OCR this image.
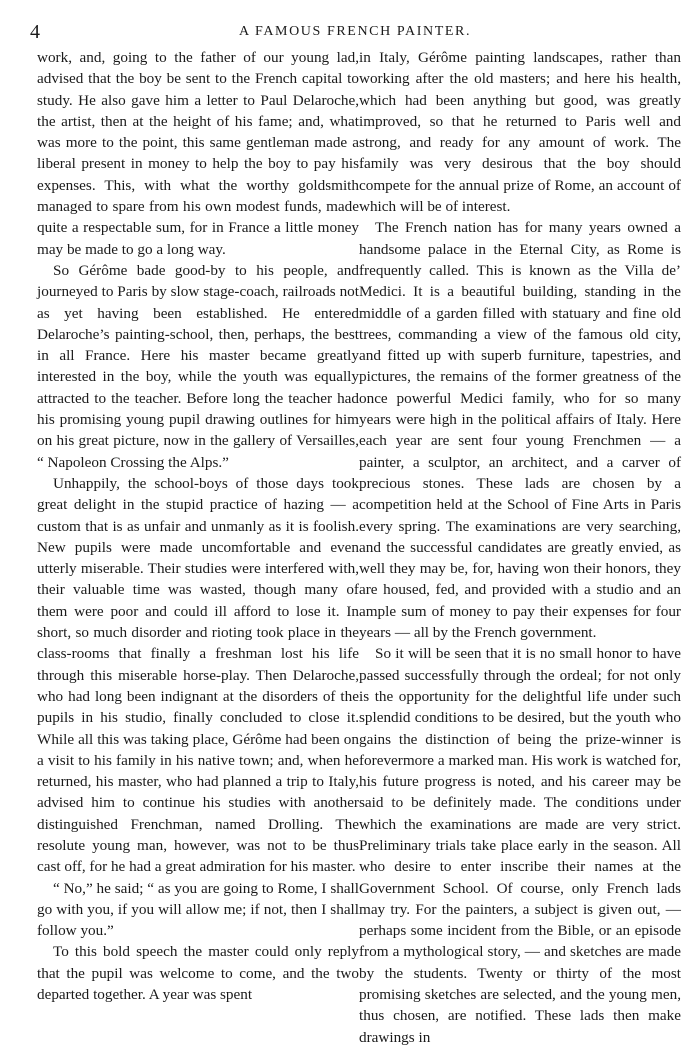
4	A FAMOUS FRENCH PAINTER.

work, and, going to the father of our young lad, advised that the boy be sent to the French capital to study. He also gave him a letter to Paul Delaroche, the artist, then at the height of his fame; and, what was more to the point, this same gentleman made a liberal present in money to help the boy to pay his expenses. This, with what the worthy goldsmith managed to spare from his own modest funds, made quite a respectable sum, for in France a little money may be made to go a long way.

So Gérôme bade good-by to his people, and journeyed to Paris by slow stage-coach, railroads not as yet having been established. He entered Delaroche’s painting-school, then, perhaps, the best in all France. Here his master became greatly interested in the boy, while the youth was equally attracted to the teacher. Before long the teacher had his promising young pupil drawing outlines for him on his great picture, now in the gallery of Versailles, “ Napoleon Crossing the Alps.”

Unhappily, the school-boys of those days took great delight in the stupid practice of hazing — a custom that is as unfair and unmanly as it is foolish. New pupils were made uncomfortable and even utterly miserable. Their studies were interfered with, their valuable time was wasted, though many of them were poor and could ill afford to lose it. In short, so much disorder and rioting took place in the class-rooms that finally a freshman lost his life through this miserable horse-play. Then Delaroche, who had long been indignant at the disorders of the pupils in his studio, finally concluded to close it. While all this was taking place, Gérôme had been on a visit to his family in his native town; and, when he returned, his master, who had planned a trip to Italy, advised him to continue his studies with another distinguished Frenchman, named Drolling. The resolute young man, however, was not to be thus cast off, for he had a great admiration for his master.

“ No,” he said; “ as you are going to Rome, I shall go with you, if you will allow me; if not, then I shall follow you.”

To this bold speech the master could only reply that the pupil was welcome to come, and the two departed together. A year was spent

in Italy, Gérôme painting landscapes, rather than working after the old masters; and here his health, which had been anything but good, was greatly improved, so that he returned to Paris well and strong, and ready for any amount of work. The family was very desirous that the boy should compete for the annual prize of Rome, an account of which will be of interest.

The French nation has for many years owned a handsome palace in the Eternal City, as Rome is frequently called. This is known as the Villa de’ Medici. It is a beautiful building, standing in the middle of a garden filled with statuary and fine old trees, commanding a view of the famous old city, and fitted up with superb furniture, tapestries, and pictures, the remains of the former greatness of the once powerful Medici family, who for so many years were high in the political affairs of Italy. Here each year are sent four young Frenchmen — a painter, a sculptor, an architect, and a carver of precious stones. These lads are chosen by a competition held at the School of Fine Arts in Paris every spring. The examinations are very searching, and the successful candidates are greatly envied, as well they may be, for, having won their honors, they are housed, fed, and provided with a studio and an ample sum of money to pay their expenses for four years — all by the French government.

So it will be seen that it is no small honor to have passed successfully through the ordeal; for not only is the opportunity for the delightful life under such splendid conditions to be desired, but the youth who gains the distinction of being the prize-winner is forevermore a marked man. His work is watched for, his future progress is noted, and his career may be said to be definitely made. The conditions under which the examinations are made are very strict. Preliminary trials take place early in the season. All who desire to enter inscribe their names at the Government School. Of course, only French lads may try. For the painters, a subject is given out, — perhaps some incident from the Bible, or an episode from a mythological story, — and sketches are made by the students. Twenty or thirty of the most promising sketches are selected, and the young men, thus chosen, are notified. These lads then make drawings in
